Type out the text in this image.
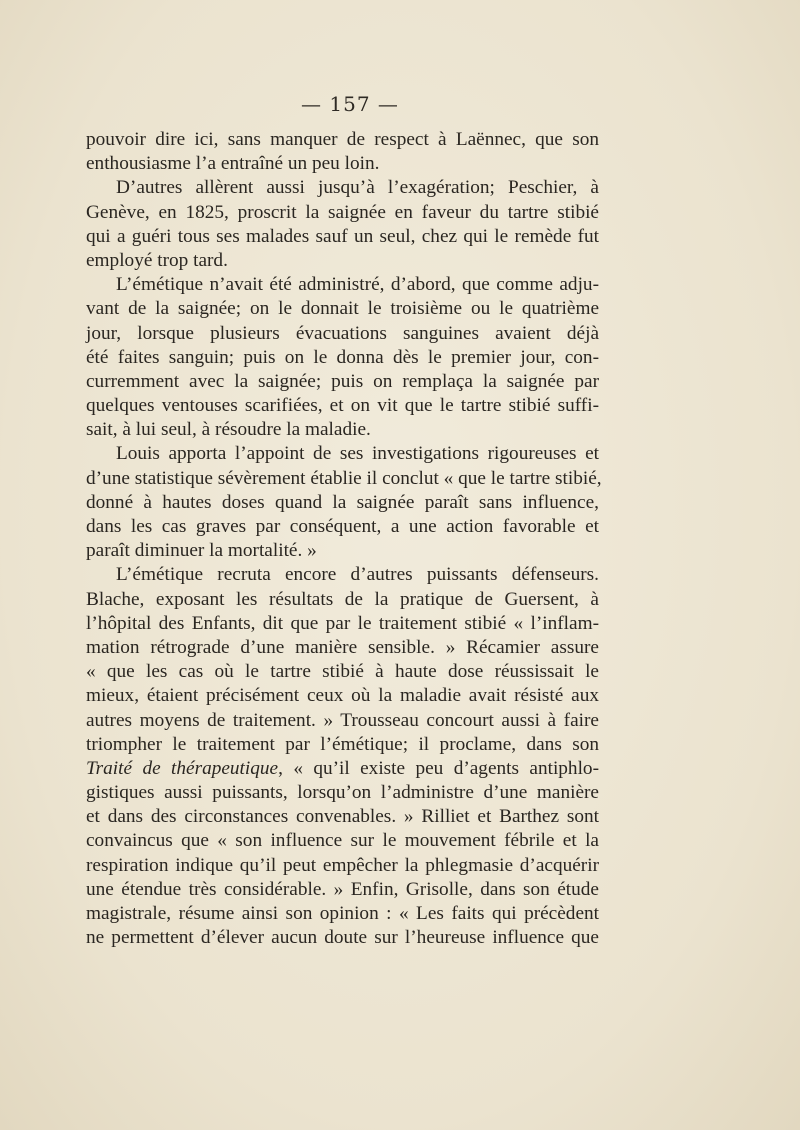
— 157 —
pouvoir dire ici, sans manquer de respect à Laënnec, que son
enthousiasme l’a entraîné un peu loin.
D’autres allèrent aussi jusqu’à l’exagération; Peschier, à
Genève, en 1825, proscrit la saignée en faveur du tartre stibié
qui a guéri tous ses malades sauf un seul, chez qui le remède fut
employé trop tard.
L’émétique n’avait été administré, d’abord, que comme adju-
vant de la saignée; on le donnait le troisième ou le quatrième
jour, lorsque plusieurs évacuations sanguines avaient déjà
été faites sanguin; puis on le donna dès le premier jour, con-
curremment avec la saignée; puis on remplaça la saignée par
quelques ventouses scarifiées, et on vit que le tartre stibié suffi-
sait, à lui seul, à résoudre la maladie.
Louis apporta l’appoint de ses investigations rigoureuses et
d’une statistique sévèrement établie il conclut « que le tartre stibié,
donné à hautes doses quand la saignée paraît sans influence,
dans les cas graves par conséquent, a une action favorable et
paraît diminuer la mortalité. »
L’émétique recruta encore d’autres puissants défenseurs.
Blache, exposant les résultats de la pratique de Guersent, à
l’hôpital des Enfants, dit que par le traitement stibié « l’inflam-
mation rétrograde d’une manière sensible. » Récamier assure
« que les cas où le tartre stibié à haute dose réussissait le
mieux, étaient précisément ceux où la maladie avait résisté aux
autres moyens de traitement. » Trousseau concourt aussi à faire
triompher le traitement par l’émétique; il proclame, dans son
Traité de thérapeutique, « qu’il existe peu d’agents antiphlo-
gistiques aussi puissants, lorsqu’on l’administre d’une manière
et dans des circonstances convenables. » Rilliet et Barthez sont
convaincus que « son influence sur le mouvement fébrile et la
respiration indique qu’il peut empêcher la phlegmasie d’acquérir
une étendue très considérable. » Enfin, Grisolle, dans son étude
magistrale, résume ainsi son opinion : « Les faits qui précèdent
ne permettent d’élever aucun doute sur l’heureuse influence que
